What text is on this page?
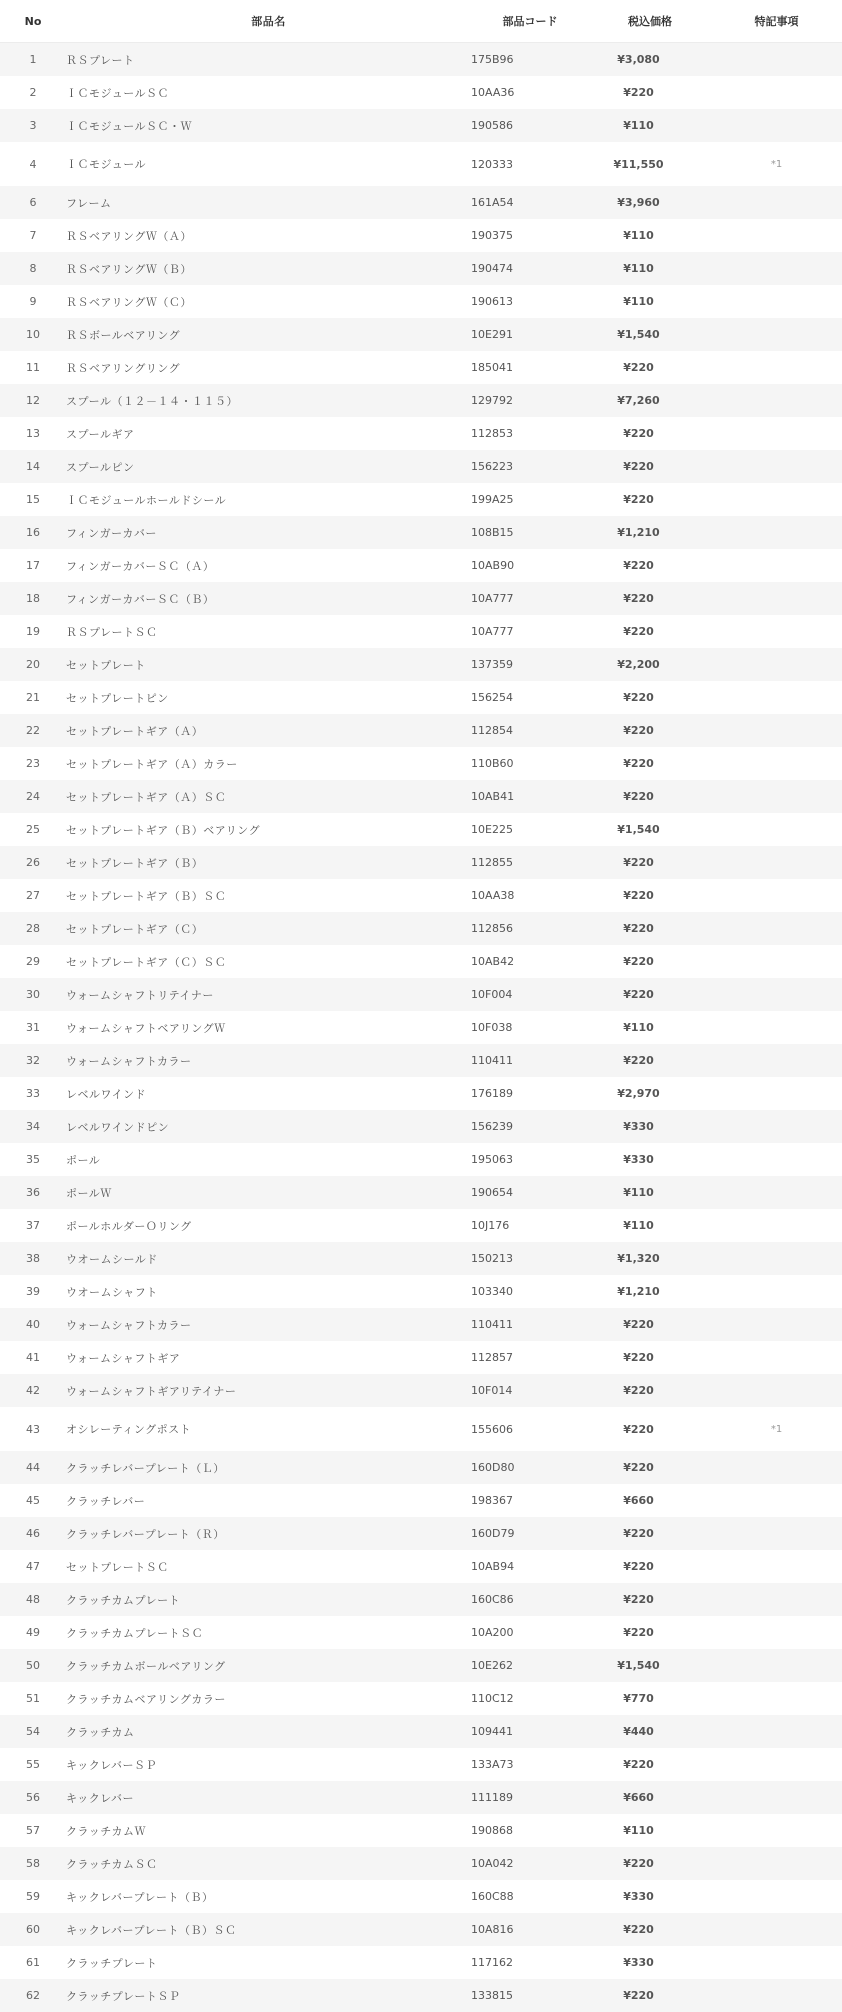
No	部品名	部品コード	税込価格	特記事項
1	ＲＳプレート	175B96	¥3,080
2	ＩＣモジュールＳＣ	10AA36	¥220
3	ＩＣモジュールＳＣ・Ｗ	190586	¥110
4	ＩＣモジュール	120333	¥11,550	*1
6	フレーム	161A54	¥3,960
7	ＲＳベアリングＷ（Ａ）	190375	¥110
8	ＲＳベアリングＷ（Ｂ）	190474	¥110
9	ＲＳベアリングＷ（Ｃ）	190613	¥110
10	ＲＳボールベアリング	10E291	¥1,540
11	ＲＳベアリングリング	185041	¥220
12	スプール（１２－１４・１１５）	129792	¥7,260
13	スプールギア	112853	¥220
14	スプールピン	156223	¥220
15	ＩＣモジュールホールドシール	199A25	¥220
16	フィンガーカバー	108B15	¥1,210
17	フィンガーカバーＳＣ（Ａ）	10AB90	¥220
18	フィンガーカバーＳＣ（Ｂ）	10A777	¥220
19	ＲＳプレートＳＣ	10A777	¥220
20	セットプレート	137359	¥2,200
21	セットプレートピン	156254	¥220
22	セットプレートギア（Ａ）	112854	¥220
23	セットプレートギア（Ａ）カラー	110B60	¥220
24	セットプレートギア（Ａ）ＳＣ	10AB41	¥220
25	セットプレートギア（Ｂ）ベアリング	10E225	¥1,540
26	セットプレートギア（Ｂ）	112855	¥220
27	セットプレートギア（Ｂ）ＳＣ	10AA38	¥220
28	セットプレートギア（Ｃ）	112856	¥220
29	セットプレートギア（Ｃ）ＳＣ	10AB42	¥220
30	ウォームシャフトリテイナー	10F004	¥220
31	ウォームシャフトベアリングＷ	10F038	¥110
32	ウォームシャフトカラー	110411	¥220
33	レベルワインド	176189	¥2,970
34	レベルワインドピン	156239	¥330
35	ポール	195063	¥330
36	ポールＷ	190654	¥110
37	ポールホルダーＯリング	10J176	¥110
38	ウオームシールド	150213	¥1,320
39	ウオームシャフト	103340	¥1,210
40	ウォームシャフトカラー	110411	¥220
41	ウォームシャフトギア	112857	¥220
42	ウォームシャフトギアリテイナー	10F014	¥220
43	オシレーティングポスト	155606	¥220	*1
44	クラッチレバープレート（Ｌ）	160D80	¥220
45	クラッチレバー	198367	¥660
46	クラッチレバープレート（Ｒ）	160D79	¥220
47	セットプレートＳＣ	10AB94	¥220
48	クラッチカムプレート	160C86	¥220
49	クラッチカムプレートＳＣ	10A200	¥220
50	クラッチカムボールベアリング	10E262	¥1,540
51	クラッチカムベアリングカラー	110C12	¥770
54	クラッチカム	109441	¥440
55	キックレバーＳＰ	133A73	¥220
56	キックレバー	111189	¥660
57	クラッチカムＷ	190868	¥110
58	クラッチカムＳＣ	10A042	¥220
59	キックレバープレート（Ｂ）	160C88	¥330
60	キックレバープレート（Ｂ）ＳＣ	10A816	¥220
61	クラッチプレート	117162	¥330
62	クラッチプレートＳＰ	133815	¥220
